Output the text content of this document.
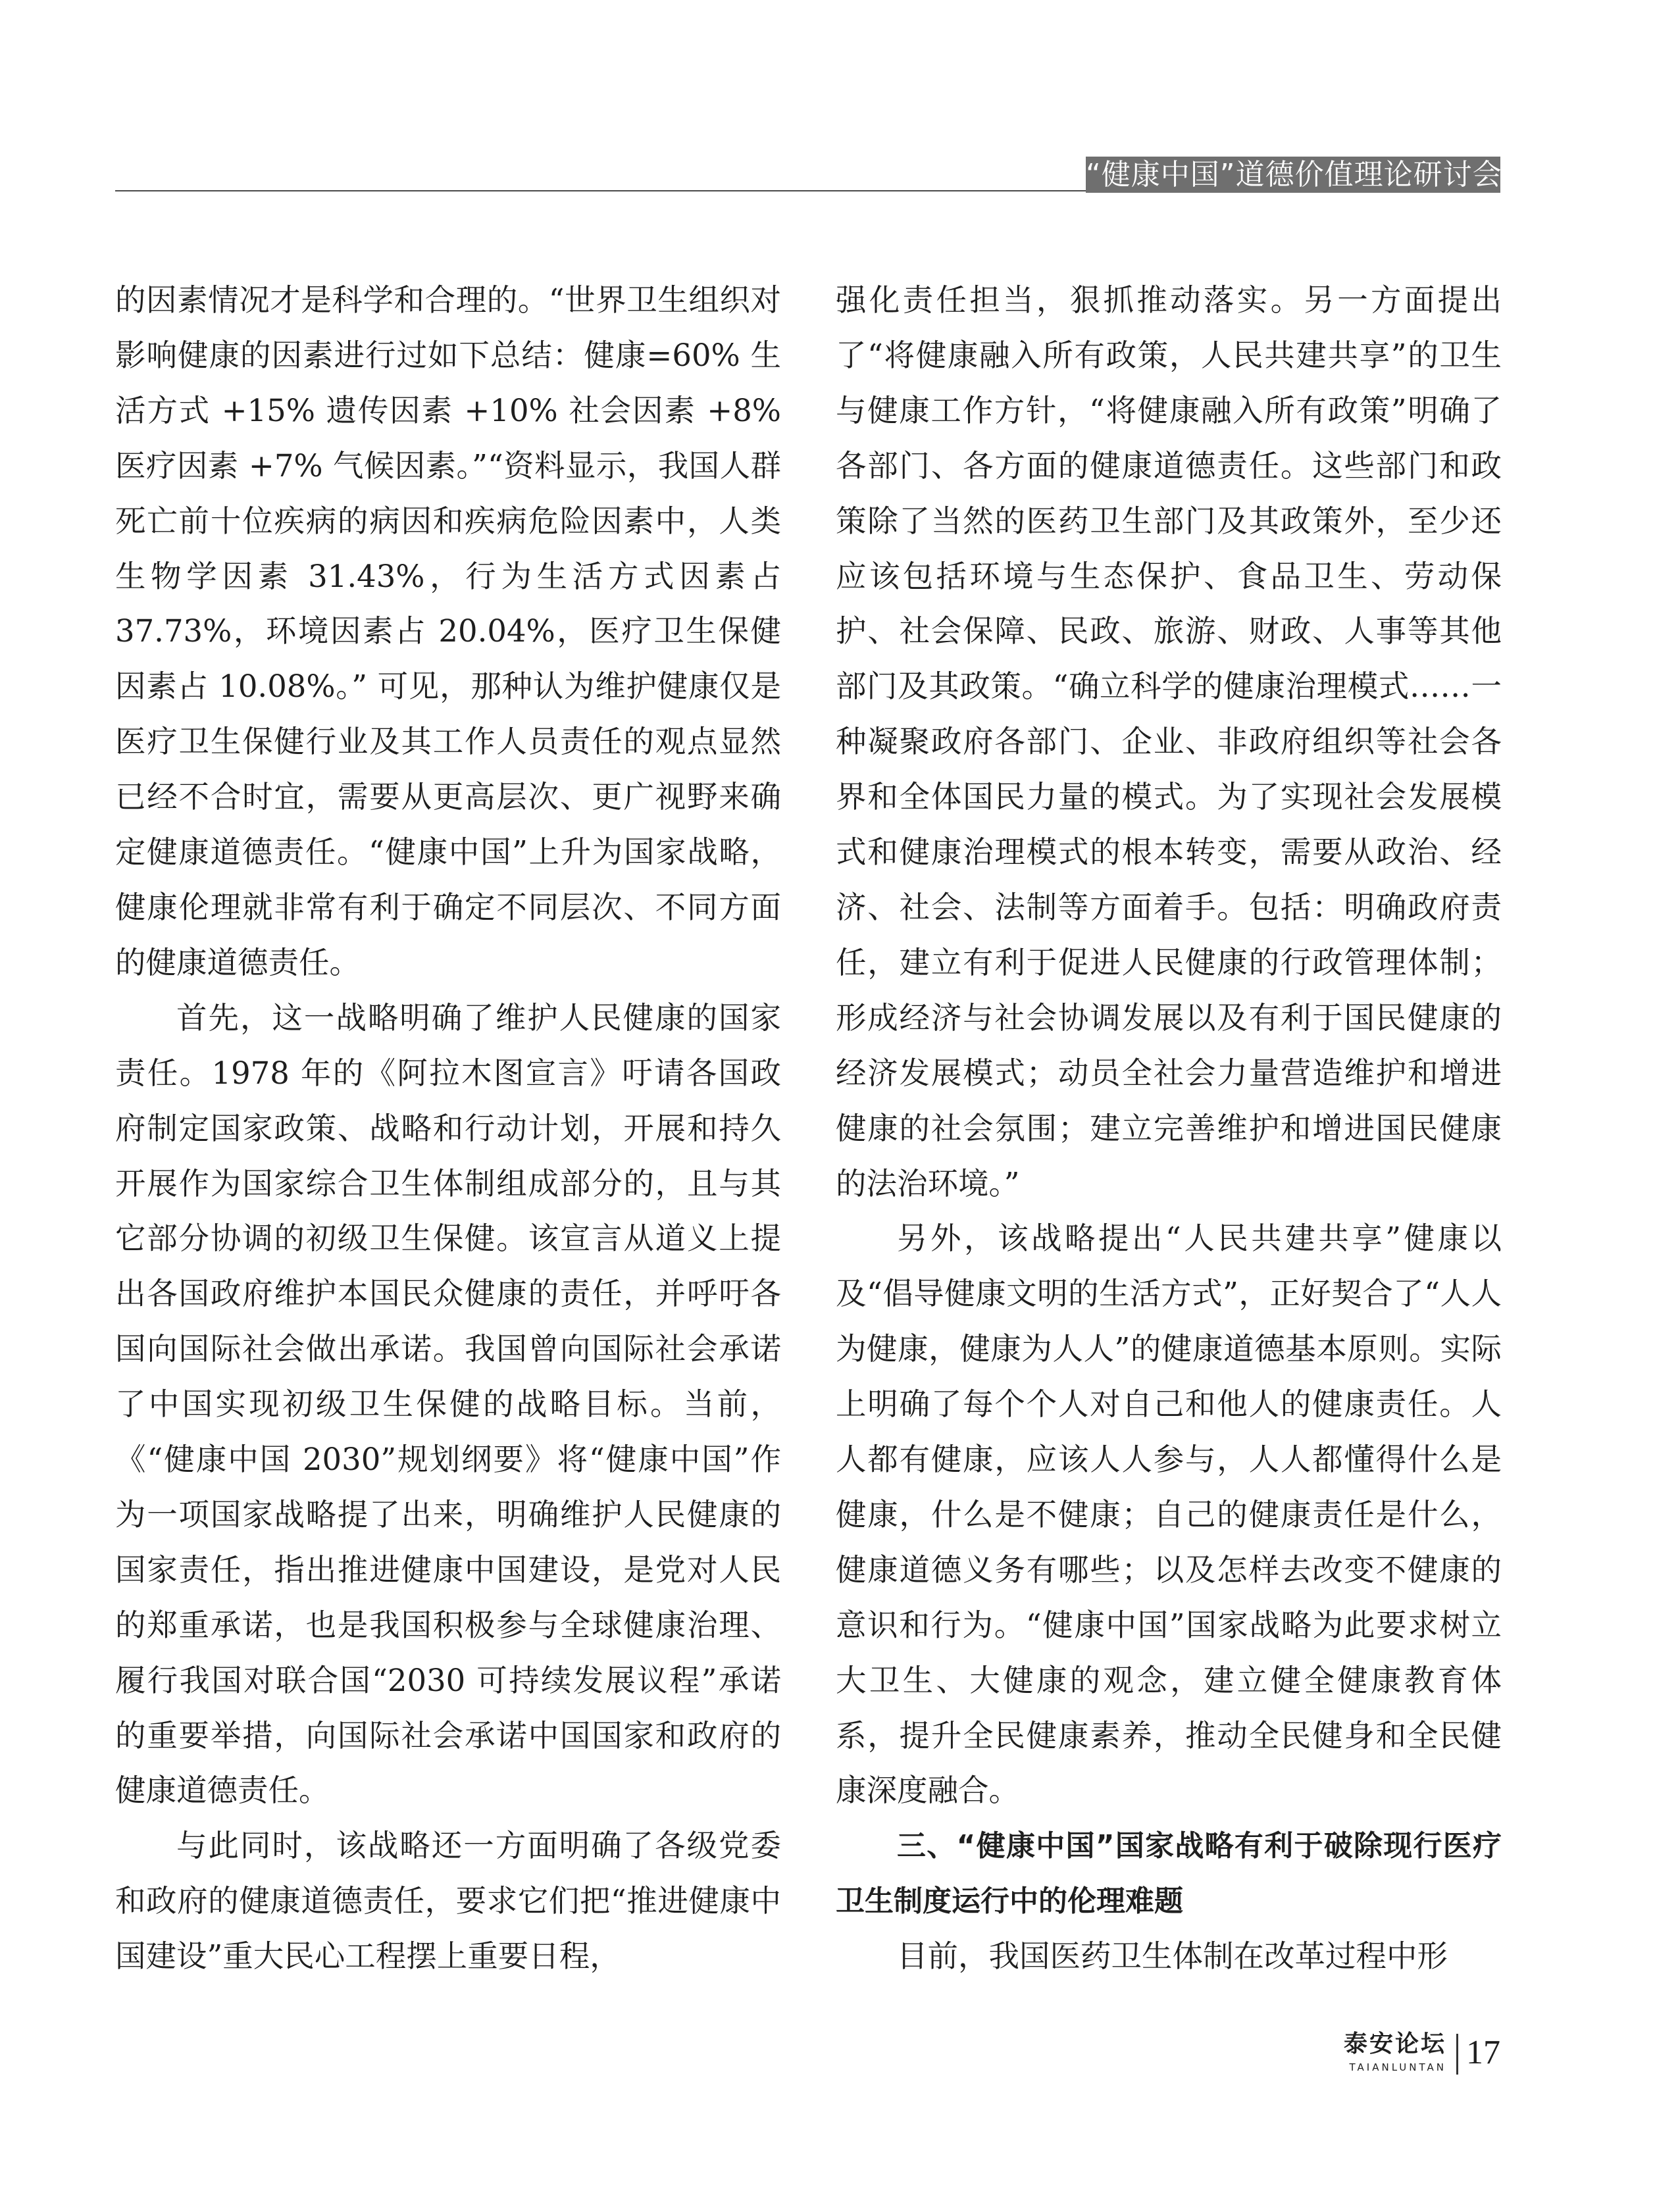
“健康中国”道德价值理论研讨会优秀论文选登

的因素情况才是科学和合理的。“世界卫生组织对影响健康的因素进行过如下总结：健康=60% 生活方式 +15% 遗传因素 +10% 社会因素 +8% 医疗因素 +7% 气候因素。”“资料显示，我国人群死亡前十位疾病的病因和疾病危险因素中，人类生物学因素 31.43%，行为生活方式因素占 37.73%，环境因素占 20.04%，医疗卫生保健因素占 10.08%。” 可见，那种认为维护健康仅是医疗卫生保健行业及其工作人员责任的观点显然已经不合时宜，需要从更高层次、更广视野来确定健康道德责任。“健康中国”上升为国家战略，健康伦理就非常有利于确定不同层次、不同方面的健康道德责任。

首先，这一战略明确了维护人民健康的国家责任。1978 年的《阿拉木图宣言》吁请各国政府制定国家政策、战略和行动计划，开展和持久开展作为国家综合卫生体制组成部分的，且与其它部分协调的初级卫生保健。该宣言从道义上提出各国政府维护本国民众健康的责任，并呼吁各国向国际社会做出承诺。我国曾向国际社会承诺了中国实现初级卫生保健的战略目标。当前，《“健康中国 2030”规划纲要》将“健康中国”作为一项国家战略提了出来，明确维护人民健康的国家责任，指出推进健康中国建设，是党对人民的郑重承诺，也是我国积极参与全球健康治理、履行我国对联合国“2030 可持续发展议程”承诺的重要举措，向国际社会承诺中国国家和政府的健康道德责任。

与此同时，该战略还一方面明确了各级党委和政府的健康道德责任，要求它们把“推进健康中国建设”重大民心工程摆上重要日程，

强化责任担当，狠抓推动落实。另一方面提出了“将健康融入所有政策，人民共建共享”的卫生与健康工作方针，“将健康融入所有政策”明确了各部门、各方面的健康道德责任。这些部门和政策除了当然的医药卫生部门及其政策外，至少还应该包括环境与生态保护、食品卫生、劳动保护、社会保障、民政、旅游、财政、人事等其他部门及其政策。“确立科学的健康治理模式……一种凝聚政府各部门、企业、非政府组织等社会各界和全体国民力量的模式。为了实现社会发展模式和健康治理模式的根本转变，需要从政治、经济、社会、法制等方面着手。包括：明确政府责任，建立有利于促进人民健康的行政管理体制；形成经济与社会协调发展以及有利于国民健康的经济发展模式；动员全社会力量营造维护和增进健康的社会氛围；建立完善维护和增进国民健康的法治环境。”

另外，该战略提出“人民共建共享”健康以及“倡导健康文明的生活方式”，正好契合了“人人为健康，健康为人人”的健康道德基本原则。实际上明确了每个个人对自己和他人的健康责任。人人都有健康，应该人人参与，人人都懂得什么是健康，什么是不健康；自己的健康责任是什么，健康道德义务有哪些；以及怎样去改变不健康的意识和行为。“健康中国”国家战略为此要求树立大卫生、大健康的观念，建立健全健康教育体系，提升全民健康素养，推动全民健身和全民健康深度融合。

三、“健康中国”国家战略有利于破除现行医疗卫生制度运行中的伦理难题

目前，我国医药卫生体制在改革过程中形

泰安论坛
TAIANLUNTAN 17
